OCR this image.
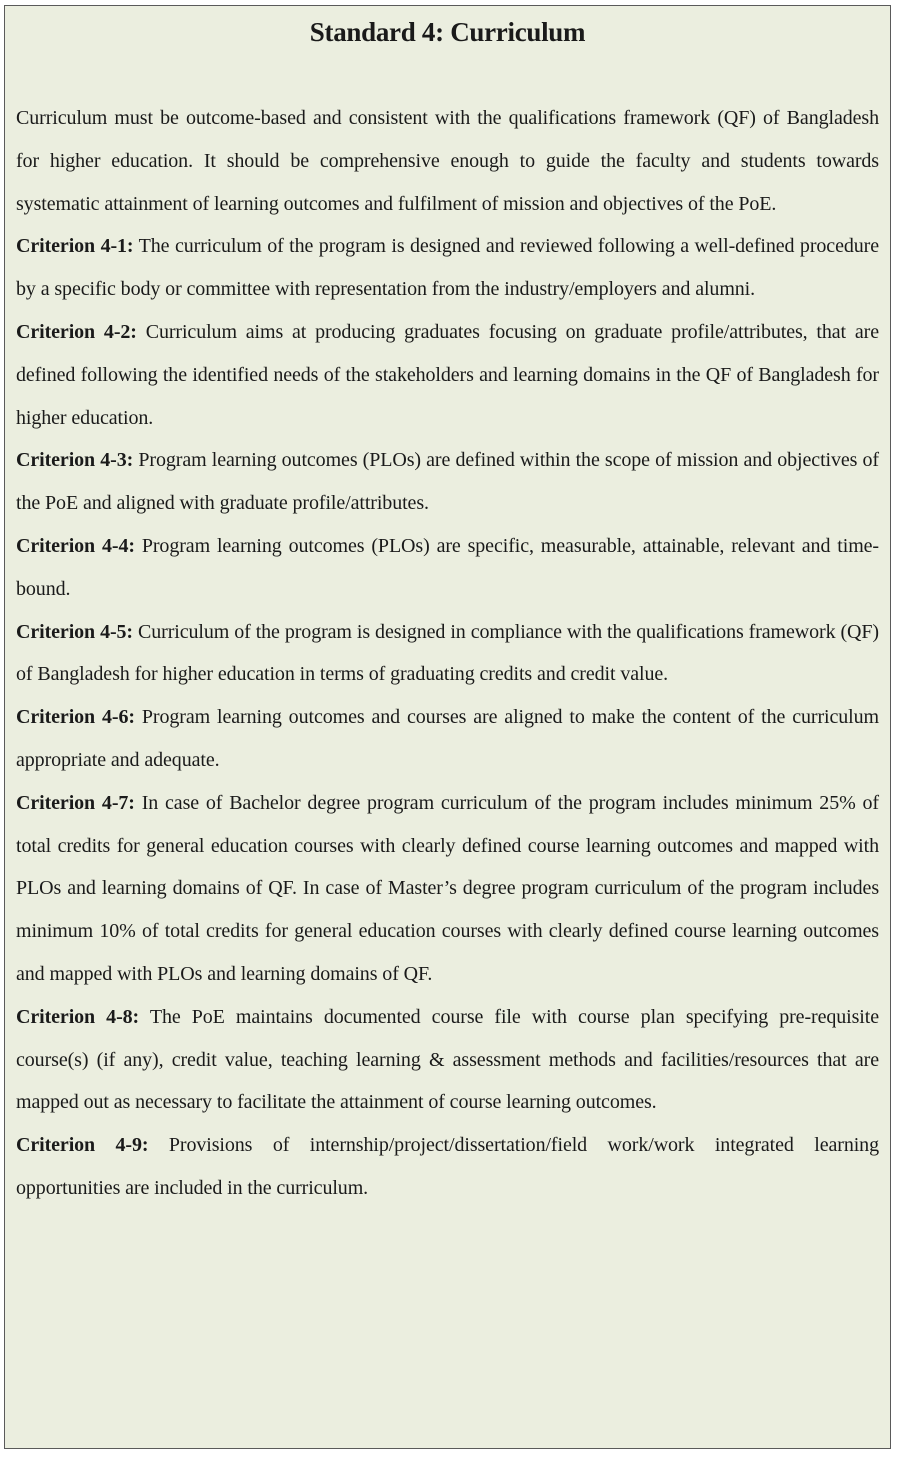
Standard 4: Curriculum

Curriculum must be outcome-based and consistent with the qualifications framework (QF) of Bangladesh for higher education. It should be comprehensive enough to guide the faculty and students towards systematic attainment of learning outcomes and fulfilment of mission and objectives of the PoE.

Criterion 4-1: The curriculum of the program is designed and reviewed following a well-defined procedure by a specific body or committee with representation from the industry/employers and alumni.

Criterion 4-2: Curriculum aims at producing graduates focusing on graduate profile/attributes, that are defined following the identified needs of the stakeholders and learning domains in the QF of Bangladesh for higher education.

Criterion 4-3: Program learning outcomes (PLOs) are defined within the scope of mission and objectives of the PoE and aligned with graduate profile/attributes.

Criterion 4-4: Program learning outcomes (PLOs) are specific, measurable, attainable, relevant and time-bound.

Criterion 4-5: Curriculum of the program is designed in compliance with the qualifications framework (QF) of Bangladesh for higher education in terms of graduating credits and credit value.

Criterion 4-6: Program learning outcomes and courses are aligned to make the content of the curriculum appropriate and adequate.

Criterion 4-7: In case of Bachelor degree program curriculum of the program includes minimum 25% of total credits for general education courses with clearly defined course learning outcomes and mapped with PLOs and learning domains of QF. In case of Master’s degree program curriculum of the program includes minimum 10% of total credits for general education courses with clearly defined course learning outcomes and mapped with PLOs and learning domains of QF.

Criterion 4-8: The PoE maintains documented course file with course plan specifying pre-requisite course(s) (if any), credit value, teaching learning & assessment methods and facilities/resources that are mapped out as necessary to facilitate the attainment of course learning outcomes.

Criterion 4-9: Provisions of internship/project/dissertation/field work/work integrated learning opportunities are included in the curriculum.
